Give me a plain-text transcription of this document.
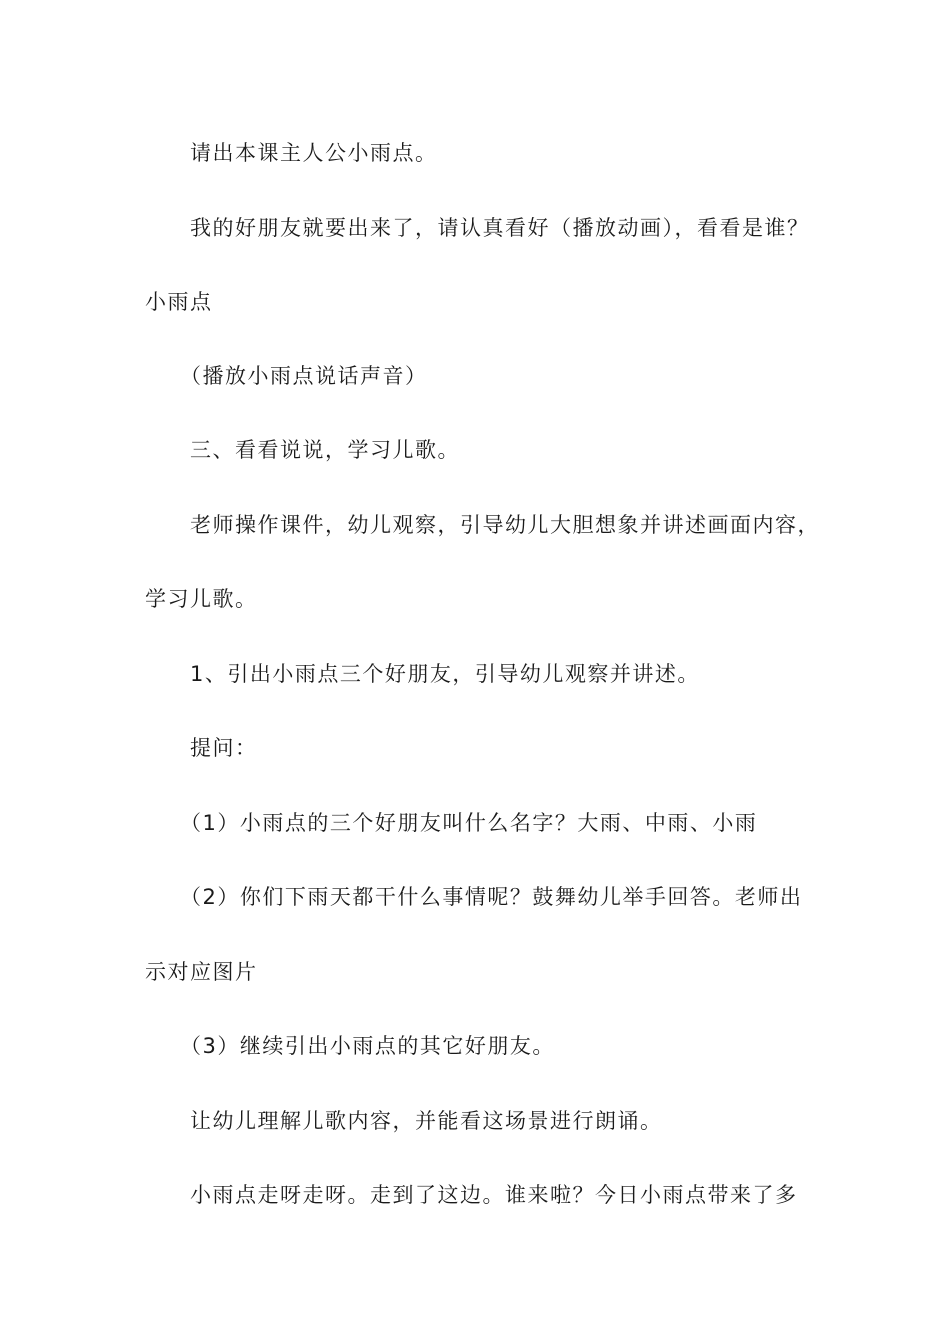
请出本课主人公小雨点。
我的好朋友就要出来了，请认真看好（播放动画），看看是谁？
小雨点
（播放小雨点说话声音）
三、看看说说，学习儿歌。
老师操作课件，幼儿观察，引导幼儿大胆想象并讲述画面内容，
学习儿歌。
1、引出小雨点三个好朋友，引导幼儿观察并讲述。
提问：
（1）小雨点的三个好朋友叫什么名字？大雨、中雨、小雨
（2）你们下雨天都干什么事情呢？鼓舞幼儿举手回答。老师出
示对应图片
（3）继续引出小雨点的其它好朋友。
让幼儿理解儿歌内容，并能看这场景进行朗诵。
小雨点走呀走呀。走到了这边。谁来啦？今日小雨点带来了多
